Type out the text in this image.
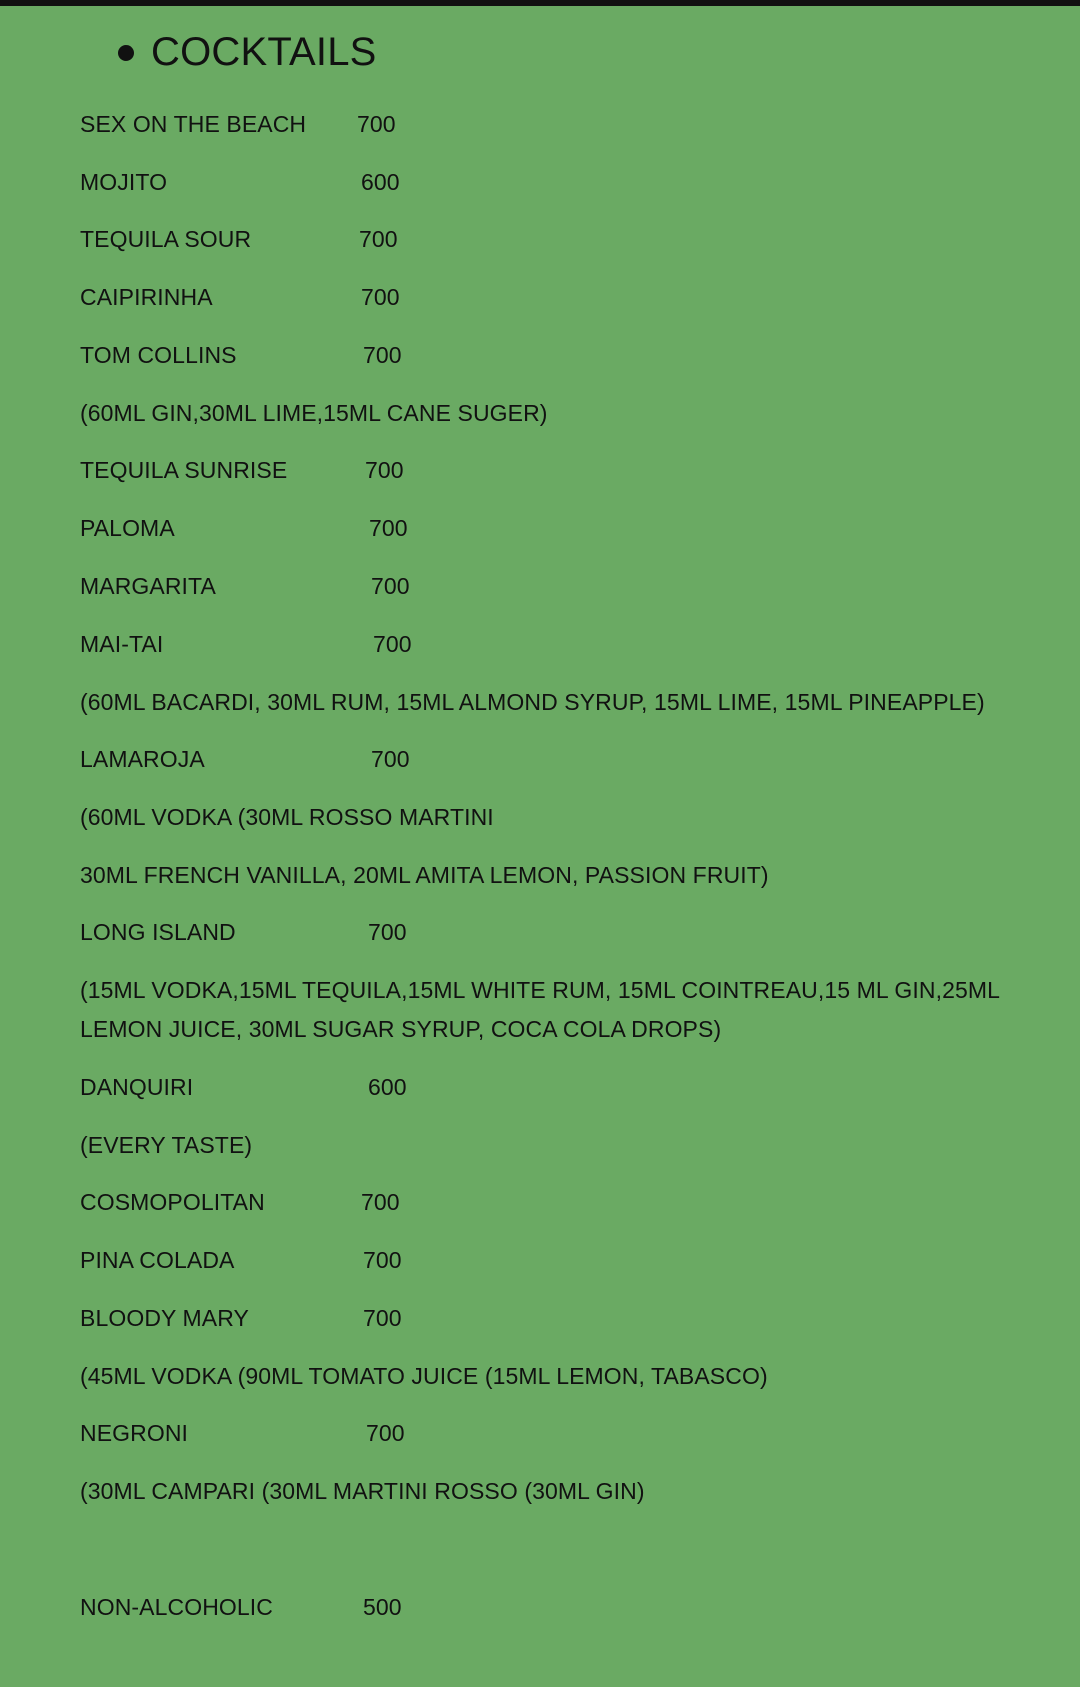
COCKTAILS
SEX ON THE BEACH 700
MOJITO	600
TEQUILA SOUR	700
CAIPIRINHA	700
TOM COLLINS	700
TEQUILA SUNRISE	700
PALOMA	700
MARGARITA	700
MAI-TAI	700
LAMAROJA	700
LONG ISLAND	700
DANQUIRI	600
COSMOPOLITAN	700
PINA COLADA	700
BLOODY MARY	700
NEGRONI	700
NON-ALCOHOLIC	500
(60ML GIN,30ML LIME,15ML CANE SUGER)
(60ML BACARDI, 30ML RUM, 15ML ALMOND SYRUP, 15ML LIME, 15ML PINEAPPLE)
(60ML VODKA (30ML ROSSO MARTINI
30ML FRENCH VANILLA, 20ML AMITA LEMON, PASSION FRUIT)
(15ML VODKA,15ML TEQUILA,15ML WHITE RUM, 15ML COINTREAU,15 ML GIN,25ML
LEMON JUICE, 30ML SUGAR SYRUP, COCA COLA DROPS)
(EVERY TASTE)
(45ML VODKA (90ML TOMATO JUICE (15ML LEMON, TABASCO)
(30ML CAMPARI (30ML MARTINI ROSSO (30ML GIN)
